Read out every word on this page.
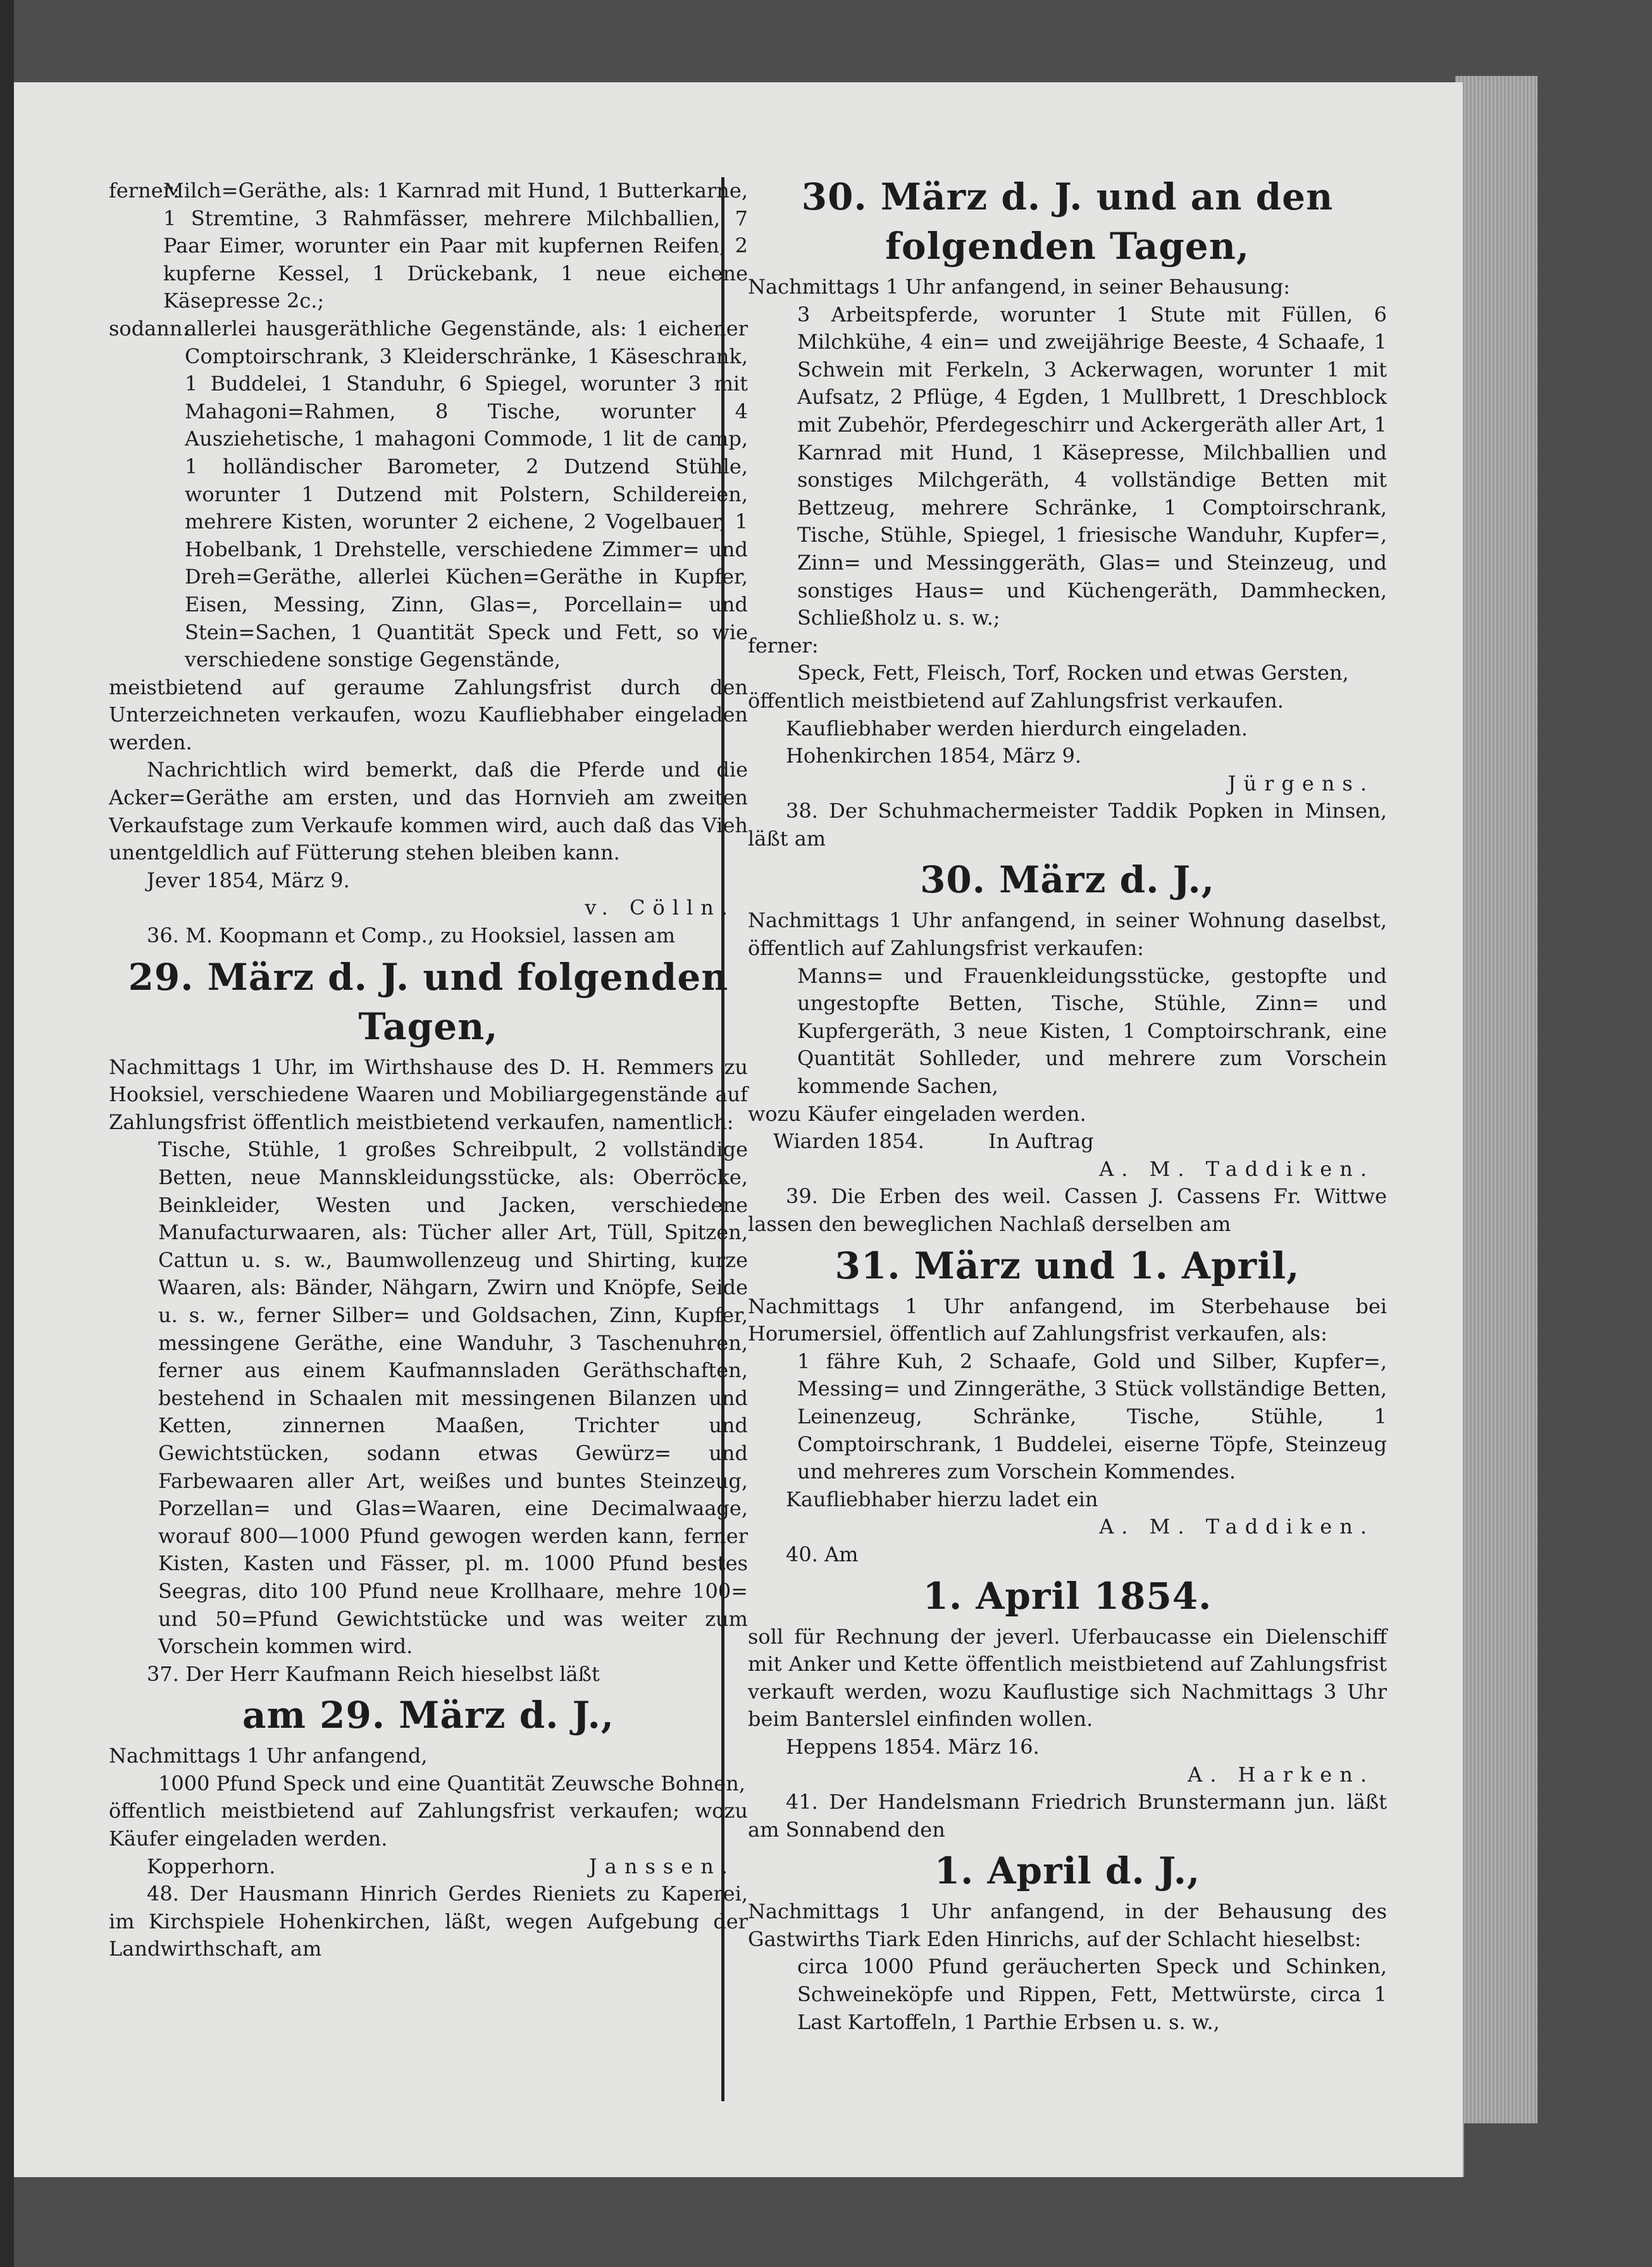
ferner:
Milch=Geräthe, als: 1 Karnrad mit Hund, 1 Butterkarne, 1 Stremtine, 3 Rahmfässer, mehrere Milchballien, 7 Paar Eimer, worunter ein Paar mit kupfernen Reifen, 2 kupferne Kessel, 1 Drückebank, 1 neue eichene Käsepresse 2c.;
sodann:
allerlei hausgeräthliche Gegenstände, als: 1 eichener Comptoirschrank, 3 Kleiderschränke, 1 Käseschrank, 1 Buddelei, 1 Standuhr, 6 Spiegel, worunter 3 mit Mahagoni=Rahmen, 8 Tische, worunter 4 Ausziehetische, 1 mahagoni Commode, 1 lit de camp, 1 holländischer Barometer, 2 Dutzend Stühle, worunter 1 Dutzend mit Polstern, Schildereien, mehrere Kisten, worunter 2 eichene, 2 Vogelbauer, 1 Hobelbank, 1 Drehstelle, verschiedene Zimmer= und Dreh=Geräthe, allerlei Küchen=Geräthe in Kupfer, Eisen, Messing, Zinn, Glas=, Porcellain= und Stein=Sachen, 1 Quantität Speck und Fett, so wie verschiedene sonstige Gegenstände,

meistbietend auf geraume Zahlungsfrist durch den Unterzeichneten verkaufen, wozu Kaufliebhaber eingeladen werden.

Nachrichtlich wird bemerkt, daß die Pferde und die Acker=Geräthe am ersten, und das Hornvieh am zweiten Verkaufstage zum Verkaufe kommen wird, auch daß das Vieh unentgeldlich auf Fütterung stehen bleiben kann.

Jever 1854, März 9.

v. Cölln.

36. M. Koopmann et Comp., zu Hooksiel, lassen am

29. März d. J. und folgenden Tagen,

Nachmittags 1 Uhr, im Wirthshause des D. H. Remmers zu Hooksiel, verschiedene Waaren und Mobiliargegenstände auf Zahlungsfrist öffentlich meistbietend verkaufen, namentlich:

Tische, Stühle, 1 großes Schreibpult, 2 vollständige Betten, neue Mannskleidungsstücke, als: Oberröcke, Beinkleider, Westen und Jacken, verschiedene Manufacturwaaren, als: Tücher aller Art, Tüll, Spitzen, Cattun u. s. w., Baumwollenzeug und Shirting, kurze Waaren, als: Bänder, Nähgarn, Zwirn und Knöpfe, Seide u. s. w., ferner Silber= und Goldsachen, Zinn, Kupfer, messingene Geräthe, eine Wanduhr, 3 Taschenuhren, ferner aus einem Kaufmannsladen Geräthschaften, bestehend in Schaalen mit messingenen Bilanzen und Ketten, zinnernen Maaßen, Trichter und Gewichtstücken, sodann etwas Gewürz= und Farbewaaren aller Art, weißes und buntes Steinzeug, Porzellan= und Glas=Waaren, eine Decimalwaage, worauf 800—1000 Pfund gewogen werden kann, ferner Kisten, Kasten und Fässer, pl. m. 1000 Pfund bestes Seegras, dito 100 Pfund neue Krollhaare, mehre 100= und 50=Pfund Gewichtstücke und was weiter zum Vorschein kommen wird.

37. Der Herr Kaufmann Reich hieselbst läßt

am 29. März d. J.,

Nachmittags 1 Uhr anfangend,

1000 Pfund Speck und eine Quantität Zeuwsche Bohnen,

öffentlich meistbietend auf Zahlungsfrist verkaufen; wozu Käufer eingeladen werden.

Kopperhorn.	Janssen.

48. Der Hausmann Hinrich Gerdes Rieniets zu Kaperei, im Kirchspiele Hohenkirchen, läßt, wegen Aufgebung der Landwirthschaft, am

30. März d. J. und an den folgenden Tagen,

Nachmittags 1 Uhr anfangend, in seiner Behausung:

3 Arbeitspferde, worunter 1 Stute mit Füllen, 6 Milchkühe, 4 ein= und zweijährige Beeste, 4 Schaafe, 1 Schwein mit Ferkeln, 3 Ackerwagen, worunter 1 mit Aufsatz, 2 Pflüge, 4 Egden, 1 Mullbrett, 1 Dreschblock mit Zubehör, Pferdegeschirr und Ackergeräth aller Art, 1 Karnrad mit Hund, 1 Käsepresse, Milchballien und sonstiges Milchgeräth, 4 vollständige Betten mit Bettzeug, mehrere Schränke, 1 Comptoirschrank, Tische, Stühle, Spiegel, 1 friesische Wanduhr, Kupfer=, Zinn= und Messinggeräth, Glas= und Steinzeug, und sonstiges Haus= und Küchengeräth, Dammhecken, Schließholz u. s. w.;

ferner:

Speck, Fett, Fleisch, Torf, Rocken und etwas Gersten,

öffentlich meistbietend auf Zahlungsfrist verkaufen.

Kaufliebhaber werden hierdurch eingeladen.

Hohenkirchen 1854, März 9.

Jürgens.

38. Der Schuhmachermeister Taddik Popken in Minsen, läßt am

30. März d. J.,

Nachmittags 1 Uhr anfangend, in seiner Wohnung daselbst, öffentlich auf Zahlungsfrist verkaufen:

Manns= und Frauenkleidungsstücke, gestopfte und ungestopfte Betten, Tische, Stühle, Zinn= und Kupfergeräth, 3 neue Kisten, 1 Comptoirschrank, eine Quantität Sohlleder, und mehrere zum Vorschein kommende Sachen,

wozu Käufer eingeladen werden.

Wiarden 1854.	In Auftrag

A. M. Taddiken.

39. Die Erben des weil. Cassen J. Cassens Fr. Wittwe lassen den beweglichen Nachlaß derselben am

31. März und 1. April,

Nachmittags 1 Uhr anfangend, im Sterbehause bei Horumersiel, öffentlich auf Zahlungsfrist verkaufen, als:

1 fähre Kuh, 2 Schaafe, Gold und Silber, Kupfer=, Messing= und Zinngeräthe, 3 Stück vollständige Betten, Leinenzeug, Schränke, Tische, Stühle, 1 Comptoirschrank, 1 Buddelei, eiserne Töpfe, Steinzeug und mehreres zum Vorschein Kommendes.

Kaufliebhaber hierzu ladet ein

A. M. Taddiken.

40. Am

1. April 1854.

soll für Rechnung der jeverl. Uferbaucasse ein Dielenschiff mit Anker und Kette öffentlich meistbietend auf Zahlungsfrist verkauft werden, wozu Kauflustige sich Nachmittags 3 Uhr beim Banterslel einfinden wollen.

Heppens 1854. März 16.

A. Harken.

41. Der Handelsmann Friedrich Brunstermann jun. läßt am Sonnabend den

1. April d. J.,

Nachmittags 1 Uhr anfangend, in der Behausung des Gastwirths Tiark Eden Hinrichs, auf der Schlacht hieselbst:

circa 1000 Pfund geräucherten Speck und Schinken, Schweineköpfe und Rippen, Fett, Mettwürste, circa 1 Last Kartoffeln, 1 Parthie Erbsen u. s. w.,
